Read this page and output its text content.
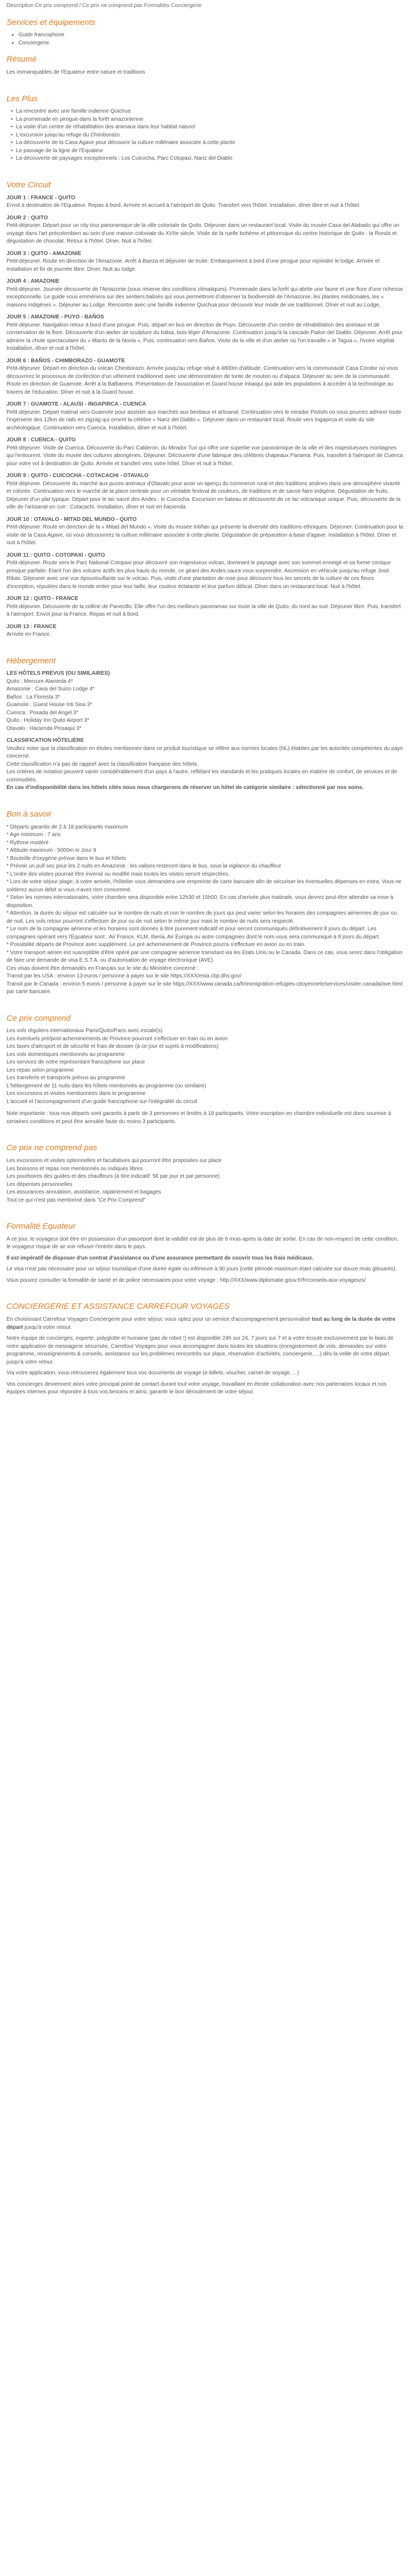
Description Ce prix comprend / Ce prix ne comprend pas Formalités Conciergerie

Services et équipements
• Guide francophone
• Conciergerie
Résumé

Les immanquables de l'Equateur entre nature et traditions

Les Plus
• La rencontre avec une famille indienne Quichua
• La promenade en pirogue dans la forêt amazonienne
• La visite d'un centre de réhabilitation des animaux dans leur habitat naturel
• L'excursion jusqu'au refuge du Chimborazo
• La découverte de la Casa Agave pour découvrir la culture millénaire associée à cette plante
• Le passage de la ligne de l'Equateur
• La découverte de paysages exceptionnels : Los Cuicocha, Parc Cotopaxi, Nariz del Diablo
Votre Circuit
JOUR 1 : FRANCE - QUITO

Envol à destination de l'Equateur. Repas à bord. Arrivée et accueil à l'aéroport de Quito. Transfert vers l'hôtel. Installation, dîner libre et nuit à l'hôtel.

JOUR 2 : QUITO

Petit-déjeuner. Départ pour un city tour panoramique de la ville coloniale de Quito. Déjeuner dans un restaurant local. Visite du musée Casa del Alabado qui offre un voyage dans l'art précolombien au sein d'une maison coloniale du XVIIe siècle. Visite de la ruelle bohème et pittoresque du centre historique de Quito : la Ronda et dégustation de chocolat. Retour à l'hôtel. Dîner. Nuit à l'hôtel.

JOUR 3 : QUITO - AMAZONIE

Petit-déjeuner. Route en direction de l'Amazonie. Arrêt à Baeza et déjeuner de truite. Embarquement à bord d'une pirogue pour rejoindre le lodge. Arrivée et installation et fin de journée libre. Dîner. Nuit au lodge.

JOUR 4 : AMAZONIE

Petit-déjeuner. Journée découverte de l'Amazonie (sous réserve des conditions climatiques). Promenade dans la forêt qui abrite une faune et une flore d'une richesse exceptionnelle. Le guide vous emmènera sur des sentiers balisés qui vous permettront d'observer la biodiversité de l'Amazonie, les plantes médicinales, les « maisons indigènes ». Déjeuner au Lodge. Rencontre avec une famille indienne Quichua pour découvrir leur mode de vie traditionnel. Dîner et nuit au Lodge.

JOUR 5 : AMAZONIE - PUYO - BAÑOS

Petit-déjeuner. Navigation retour à bord d'une pirogue. Puis, départ en bus en direction de Puyo. Découverte d'un centre de réhabilitation des animaux et de conservation de la flore. Découverte d'un atelier de sculpture du balsa, bois léger d'Amazonie. Continuation jusqu'à la cascade Pailon del Diablo. Déjeuner. Arrêt pour admirer la chute spectaculaire du « Manto de la Novia », Puis, continuation vers Baños. Visite de la ville et d'un atelier où l'on travaille « le Tagua », l'ivoire végétal. Installation, dîner et nuit à l'hôtel.

JOUR 6 : BAÑOS - CHIMBORAZO - GUAMOTE

Petit-déjeuner. Départ en direction du volcan Chimborazo. Arrivée jusqu'au refuge situé à 4800m d'altitude. Continuation vers la communauté Casa Cóndor où vous découvrirez le processus de confection d'un vêtement traditionnel avec une démonstration de tonte de mouton ou d'alpaca. Déjeuner au sein de la communauté. Route en direction de Guamote. Arrêt à la Balbanera. Présentation de l'association et Guard house Intiaiqui qui aide les populations à accéder à la technologie au travers de l'éducation. Dîner et nuit à la Guard house.

JOUR 7 : GUAMOTE - ALAUSI - INGAPIRCA - CUENCA

Petit-déjeuner. Départ matinal vers Guamote pour assister aux marchés aux bestiaux et artisanal. Continuation vers le mirador Pistishi où vous pourrez admirer toute l'ingénierie des 12km de rails en zigzag qui ornent la célèbre « Nariz del Diablo ». Déjeuner dans un restaurant local. Route vers Ingapirca et visite du site archéologique. Continuation vers Cuenca. Installation, dîner et nuit à l'hôtel.

JOUR 8 : CUENCA - QUITO

Petit-déjeuner. Visite de Cuenca. Découverte du Parc Calderon, du Mirador Turi qui offre une superbe vue panoramique de la ville et des majestueuses montagnes qui l'entourent. Visite du musée des cultures aborigènes. Déjeuner. Découverte d'une fabrique des célèbres chapeaux Panama. Puis, transfert à l'aéroport de Cuenca pour votre vol à destination de Quito. Arrivée et transfert vers votre hôtel. Dîner et nuit à l'hôtel.

JOUR 9 : QUITO - CUICOCHA - COTACACHI - OTAVALO

Petit-déjeuner. Découverte du marché aux puces animaux d'Otavalo pour avoir un aperçu du commerce rural et des traditions andines dans une atmosphère vivante et colorée. Continuation vers le marché de la place centrale pour un véritable festival de couleurs, de traditions et de savoir-faire indigène. Dégustation de fruits. Déjeuner d'un plat typique. Départ pour le lac sacré des Andes : le Cuicocha. Excursion en bateau et découverte de ce lac volcanique unique. Puis, découverte de la ville de l'artisanat en cuir : Cotacachi. Installation, dîner et nuit en hacienda.

JOUR 10 : OTAVALO - MITAD DEL MUNDO - QUITO

Petit-déjeuner. Route en direction de la « Mitad del Mundo ». Visite du musée Intiñan qui présente la diversité des traditions ethniques. Déjeuner. Continuation pour la visite de la Casa Agave, où vous découvrirez la culture millénaire associée à cette plante. Dégustation de préparation à base d'agave. Installation à l'hôtel. Dîner et nuit à l'hôtel.

JOUR 11 : QUITO - COTOPAXI - QUITO

Petit-déjeuner. Route vers le Parc National Cotopaxi pour découvrir son majestueux volcan, dominant le paysage avec son sommet enneigé et sa forme conique presque parfaite. Etant l'un des volcans actifs les plus hauts du monde, ce géant des Andes saura vous surprendre. Ascension en véhicule jusqu'au refuge José Ribas. Déjeuner avec une vue époustouflante sur le volcan. Puis, visite d'une plantation de rose pour découvrir tous les secrets de la culture de ces fleurs d'exception, réputées dans le monde entier pour leur taille, leur couleur éclatante et leur parfum délicat. Dîner dans un restaurant local. Nuit à l'hôtel.

JOUR 12 : QUITO - FRANCE

Petit-déjeuner. Découverte de la colline de Panecillo. Elle offre l'un des meilleurs panoramas sur toute la ville de Quito, du nord au sud. Déjeuner libre. Puis, transfert à l'aéroport. Envol pour la France. Repas et nuit à bord.

JOUR 13 : FRANCE

Arrivée en France.

Hébergement

LES HÔTELS PRÉVUS (OU SIMILAIRES)

Quito : Mercure Alameda 4*

Amazonie : Casa del Suizo Lodge 4*

Baños : La Floresta 3*

Guamote : Guest House Inti Sisa 3*

Cuenca : Posada del Angel 3*

Quito : Holiday Inn Quito Airport 3*

Otavalo : Hacienda Pinsaqui 3*

CLASSIFICATION HÔTELIÈRE

Veuillez noter que la classification en étoiles mentionnée dans ce produit touristique se réfère aux normes locales (NL) établies par les autorités compétentes du pays concerné.

Cette classification n'a pas de rapport avec la classification française des hôtels.

Les critères de notation peuvent varier considérablement d'un pays à l'autre, reflétant les standards et les pratiques locales en matière de confort, de services et de commodités.

En cas d'indisponibilité dans les hôtels cités nous nous chargerons de réserver un hôtel de catégorie similaire : sélectionné par nos soins.

Bon à savoir

* Départs garantis de 2 à 18 participants maximum

* Age minimum : 7 ans

* Rythme modéré

* Altitude maximum : 5000m le Jour 9

* Bouteille d'oxygène prévue dans le bus et hôtels

* Prévoir un pull sec pour les 2 nuits en Amazonie : les valises resteront dans le bus, sous la vigilance du chauffeur

* L'ordre des visites pourrait être inversé ou modifié mais toutes les visites seront respectées.

* Lors de votre séjour plage, à votre arrivée, l'hôtelier vous demandera une empreinte de carte bancaire afin de sécuriser les éventuelles dépenses en extra. Vous ne solderez aucun débit si vous n'avez rien consommé.

* Selon les normes internationales, votre chambre sera disponible entre 12h30 et 15h00. En cas d'arrivée plus matinale, vous devrez peut-être attendre sa mise à disposition.

* Attention, la durée du séjour est calculée sur le nombre de nuits et non le nombre de jours qui peut varier selon les horaires des compagnies aériennes de jour ou de nuit. Les vols retour pourront s'effectuer de jour ou de nuit selon le même jour mais le nombre de nuits sera respecté.

* Le nom de la compagnie aérienne et les horaires sont donnés à titre purement indicatif et pour seront communiqués définitivement 8 jours du départ. Les compagnies opérant vers l'Equateur sont : Air France, KLM, Iberia, Air Europa ou autre compagnies dont le nom vous sera communiqué à 8 jours du départ.

* Possibilité départs de Province avec supplément. Le pré acheminement de Province pourra s'effectuer en avion ou en train.

* Votre transport aérien est susceptible d'être opéré par une compagnie aérienne transitant via les Etats Unis ou le Canada. Dans ce cas, vous serez dans l'obligation de faire une demande de visa E.S.T.A. ou d'autorisation de voyage électronique (AVE).

Ces visas doivent être demandés en Français sur le site du Ministère concerné :

Transit par les USA : environ 13 euros / personne à payer sur le site https://XXX/esta.cbp.dhs.gov/

Transit par le Canada : environ 5 euros / personne à payer sur le site https://XXX/www.canada.ca/fr/immigration-refugies-citoyennete/services/visiter-canada/ave.html par carte bancaire.

Ce prix comprend

Les vols réguliers internationaux Paris/Quito/Paris avec escale(s)

Les éventuels pré/post acheminements de Province pourront s'effectuer en train ou en avion

Les taxes d'aéroport et de sécurité et frais de dossier (à ce jour et sujets à modifications)

Les vols domestiques mentionnés au programme

Les services de notre représentant francophone sur place

Les repas selon programme

Les transferts et transports prévus au programme

L'hébergement de 11 nuits dans les hôtels mentionnés au programme (ou similaire)

Les excursions et visites mentionnées dans le programme

L'accueil et l'accompagnement d'un guide francophone sur l'intégralité du circuit

Note importante : tous nos départs sont garantis à partir de 3 personnes et limités à 18 participants. Votre inscription en chambre individuelle est donc soumise à certaines conditions et peut être annulée faute du moins 3 participants.

Ce prix ne comprend pas

Les excursions et visites optionnelles et facultatives qui pourront être proposées sur place

Les boissons et repas non mentionnés ou indiqués libres

Les pourboires des guides et des chauffeurs (à titre indicatif: 5€ par jour et par personne)

Les dépenses personnelles

Les assurances annulation, assistance, rapatriement et bagages

Tout ce qui n'est pas mentionné dans "Ce Prix Comprend"

Formalité Equateur

A ce jour, le voyageur doit être en possession d'un passeport dont la validité est de plus de 6 mois après la date de sortie. En cas de non-respect de cette condition, le voyageur risque de se voir refuser l'entrée dans le pays.

Il est impératif de disposer d'un contrat d'assistance ou d'une assurance permettant de couvrir tous les frais médicaux.

Le visa n'est pas nécessaire pour un séjour touristique d'une durée égale ou inférieure à 90 jours (cette période maximum étant calculée sur douze mois glissants).

Vous pouvez consulter la formalité de santé et de police nécessaires pour votre voyage : http://XXX/www.diplomatie.gouv.fr/fr/conseils-aux-voyageurs/

CONCIERGERIE ET ASSISTANCE CARREFOUR VOYAGES

En choisissant Carrefour Voyages Conciergerie pour votre séjour, vous optez pour un service d'accompagnement personnalisé tout au long de la durée de votre départ jusqu'à votre retour.

Notre équipe de concierges, experte, polyglotte et humaine (pas de robot !) est disponible 24h sur 24, 7 jours sur 7 et à votre écoute exclusivement par le biais de notre application de messagerie sécurisée, Carrefour Voyages pour vous accompagner dans toutes les situations (enregistrement de vols, demandes sur votre programme, renseignements & conseils, assistance sur les problèmes rencontrés sur place, réservation d'activités, conciergerie, ...) dès la veille de votre départ jusqu'à votre retour.

Via votre application, vous retrouverez également tous vos documents de voyage (e-billets, voucher, carnet de voyage, ...)

Vos concierges deviennent alors votre principal point de contact durant tout votre voyage, travaillant en étroite collaboration avec nos partenaires locaux et nos équipes internes pour répondre à tous vos besoins et ainsi, garantir le bon déroulement de votre séjour.
